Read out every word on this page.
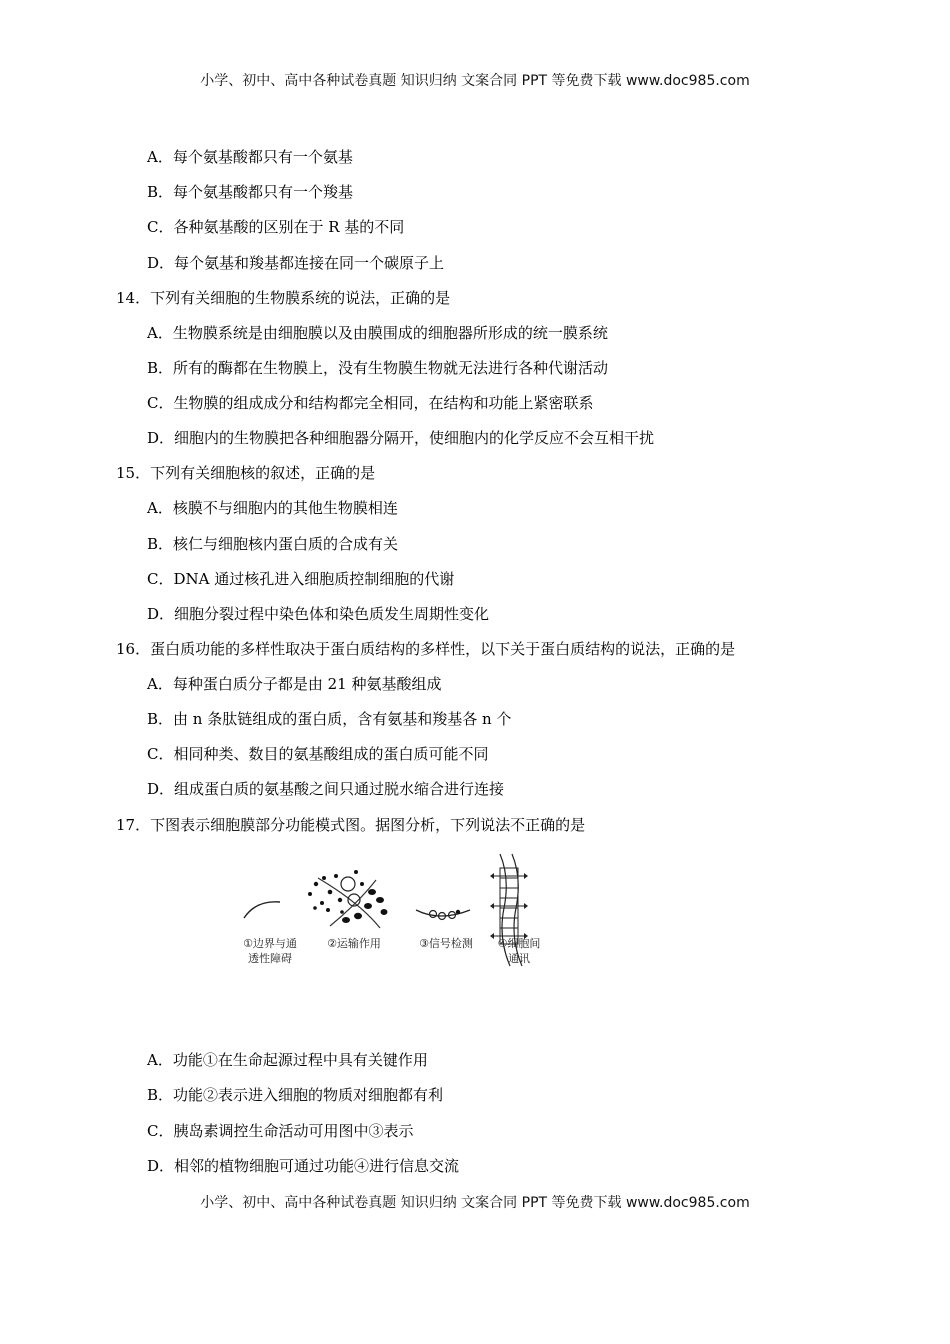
小学、初中、高中各种试卷真题 知识归纳 文案合同 PPT 等免费下载 www.doc985.com
A．每个氨基酸都只有一个氨基
B．每个氨基酸都只有一个羧基
C．各种氨基酸的区别在于 R 基的不同
D．每个氨基和羧基都连接在同一个碳原子上
14．下列有关细胞的生物膜系统的说法，正确的是
A．生物膜系统是由细胞膜以及由膜围成的细胞器所形成的统一膜系统
B．所有的酶都在生物膜上，没有生物膜生物就无法进行各种代谢活动
C．生物膜的组成成分和结构都完全相同，在结构和功能上紧密联系
D．细胞内的生物膜把各种细胞器分隔开，使细胞内的化学反应不会互相干扰
15．下列有关细胞核的叙述，正确的是
A．核膜不与细胞内的其他生物膜相连
B．核仁与细胞核内蛋白质的合成有关
C．DNA 通过核孔进入细胞质控制细胞的代谢
D．细胞分裂过程中染色体和染色质发生周期性变化
16．蛋白质功能的多样性取决于蛋白质结构的多样性，以下关于蛋白质结构的说法，正确的是
A．每种蛋白质分子都是由 21 种氨基酸组成
B．由 n 条肽链组成的蛋白质，含有氨基和羧基各 n 个
C．相同种类、数目的氨基酸组成的蛋白质可能不同
D．组成蛋白质的氨基酸之间只通过脱水缩合进行连接
17．下图表示细胞膜部分功能模式图。据图分析，下列说法不正确的是
①边界与通
透性障碍
②运输作用	③信号检测	④细胞间
通讯
A．功能①在生命起源过程中具有关键作用
B．功能②表示进入细胞的物质对细胞都有利
C．胰岛素调控生命活动可用图中③表示
D．相邻的植物细胞可通过功能④进行信息交流
小学、初中、高中各种试卷真题 知识归纳 文案合同 PPT 等免费下载 www.doc985.com
